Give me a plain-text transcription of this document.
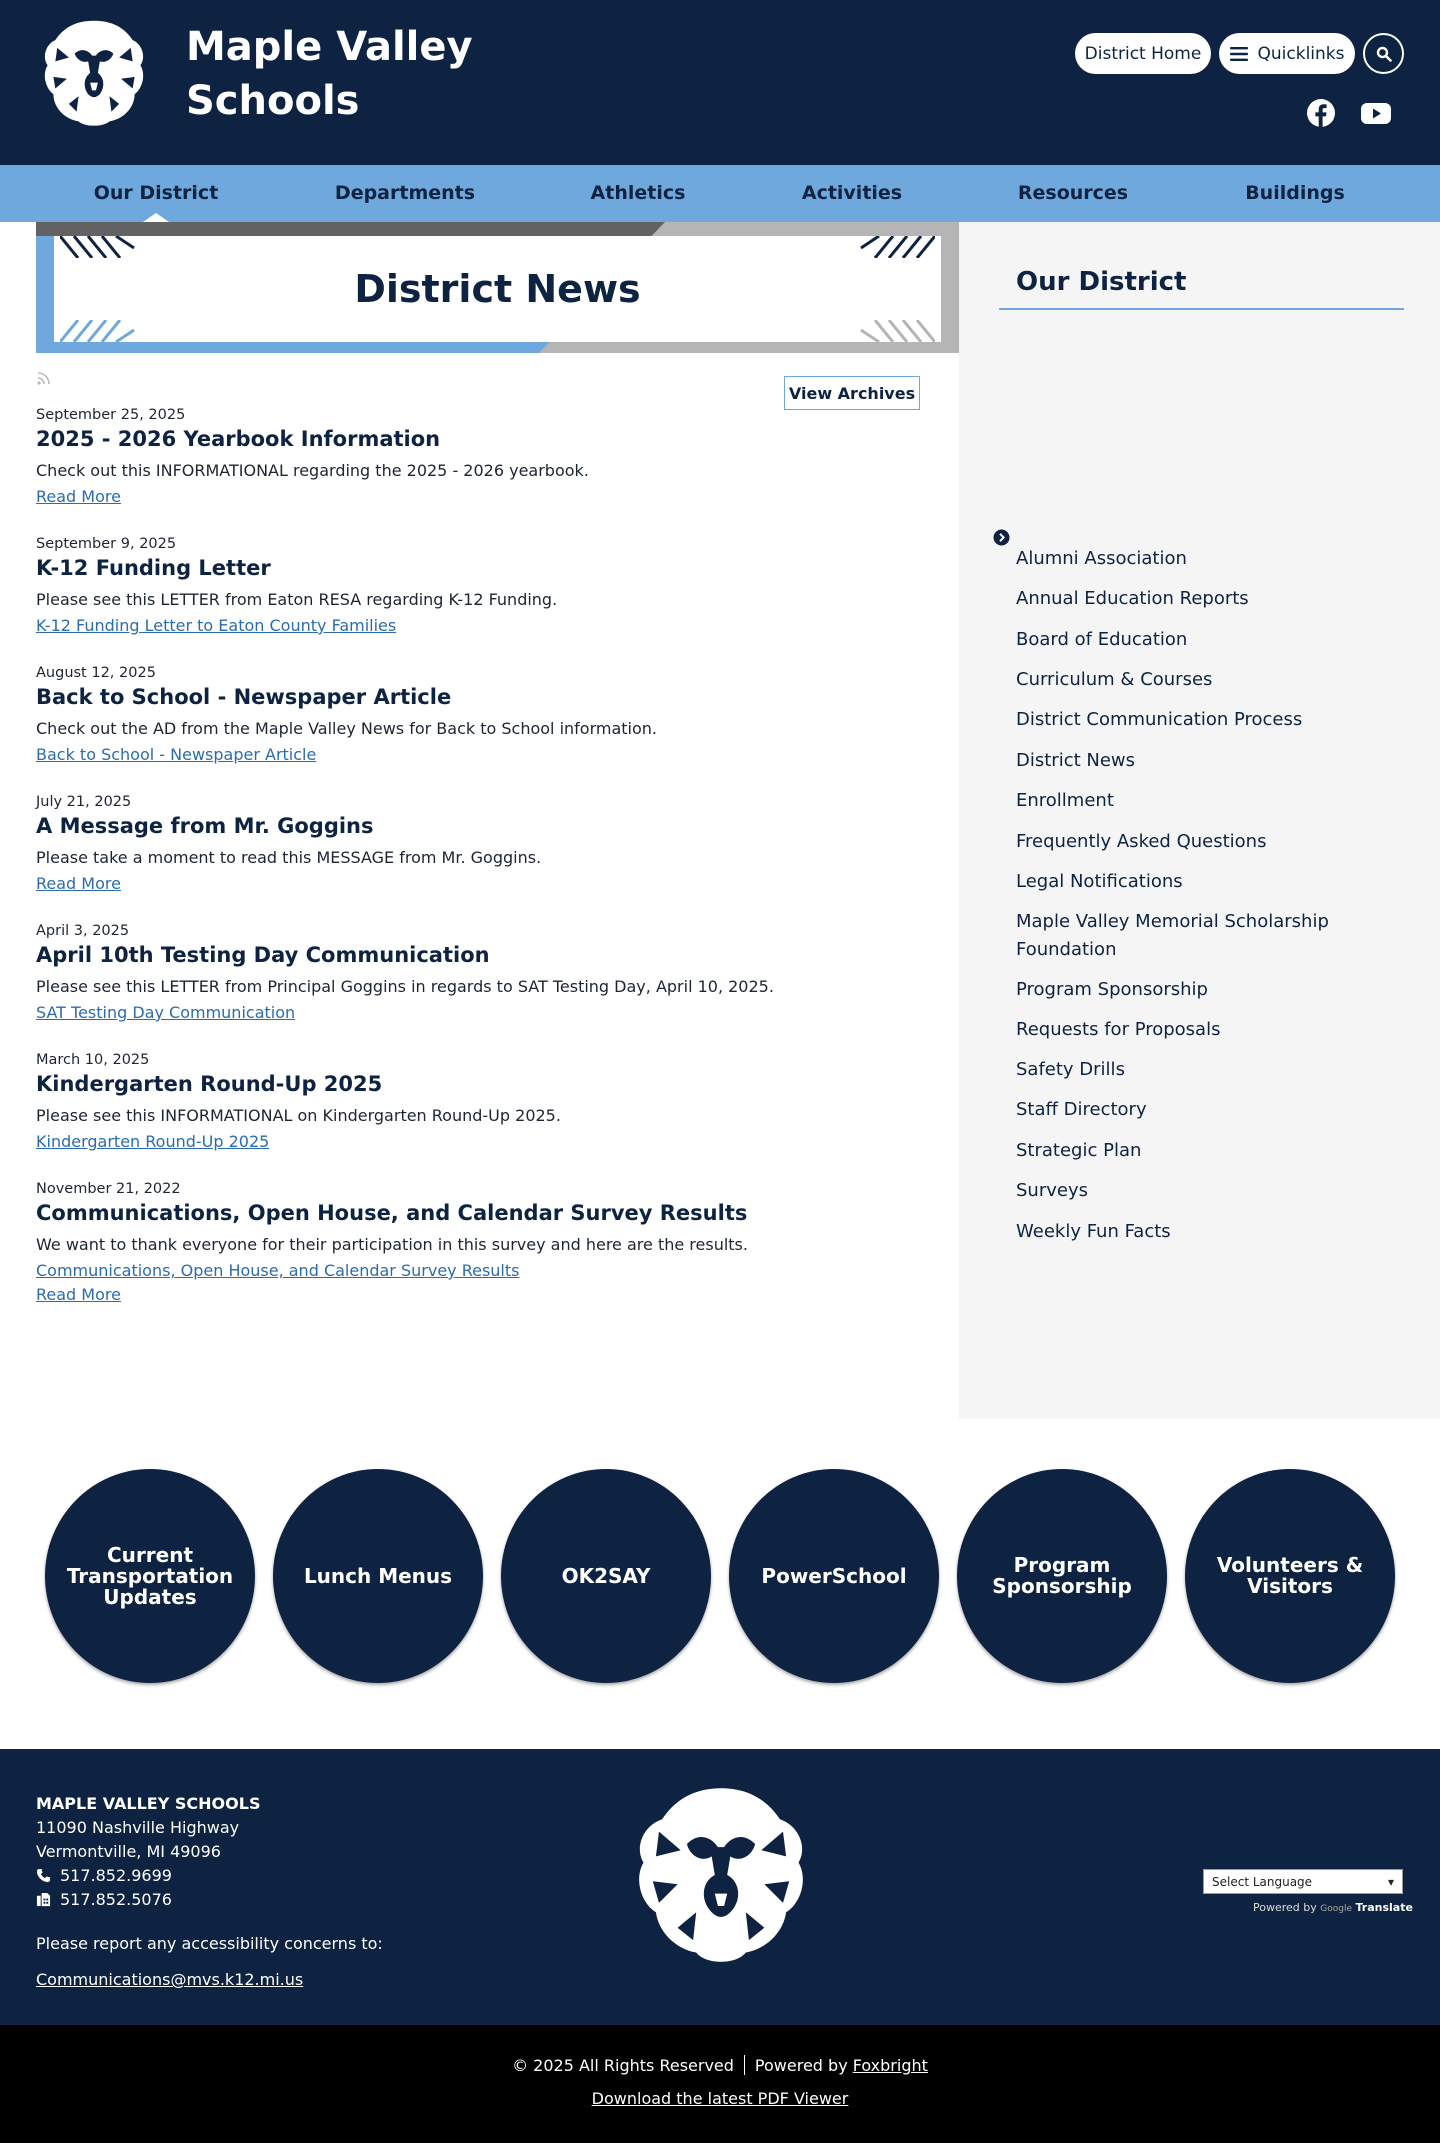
Maple Valley
Schools
District Home	Quicklinks
Our District	Departments	Athletics	Activities	Resources	Buildings
District News
View Archives
September 25, 2025
2025 - 2026 Yearbook Information
Check out this INFORMATIONAL regarding the 2025 - 2026 yearbook.
Read More
September 9, 2025
K-12 Funding Letter
Please see this LETTER from Eaton RESA regarding K-12 Funding.
K-12 Funding Letter to Eaton County Families
August 12, 2025
Back to School - Newspaper Article
Check out the AD from the Maple Valley News for Back to School information.
Back to School - Newspaper Article
July 21, 2025
A Message from Mr. Goggins
Please take a moment to read this MESSAGE from Mr. Goggins.
Read More
April 3, 2025
April 10th Testing Day Communication
Please see this LETTER from Principal Goggins in regards to SAT Testing Day, April 10, 2025.
SAT Testing Day Communication
March 10, 2025
Kindergarten Round-Up 2025
Please see this INFORMATIONAL on Kindergarten Round-Up 2025.
Kindergarten Round-Up 2025
November 21, 2022
Communications, Open House, and Calendar Survey Results
We want to thank everyone for their participation in this survey and here are the results.
Communications, Open House, and Calendar Survey Results
Read More
Our District
Alumni Association
Annual Education Reports
Board of Education
Curriculum & Courses
District Communication Process
District News
Enrollment
Frequently Asked Questions
Legal Notifications
Maple Valley Memorial Scholarship Foundation
Program Sponsorship
Requests for Proposals
Safety Drills
Staff Directory
Strategic Plan
Surveys
Weekly Fun Facts
Current Transportation Updates
Lunch Menus	OK2SAY	PowerSchool	Program Sponsorship
Volunteers & Visitors
MAPLE VALLEY SCHOOLS
11090 Nashville Highway
Vermontville, MI 49096
517.852.9699
517.852.5076
Please report any accessibility concerns to:
Communications@mvs.k12.mi.us
Select Language	▾
Powered by Google Translate
© 2025 All Rights Reserved Powered by Foxbright
Download the latest PDF Viewer
